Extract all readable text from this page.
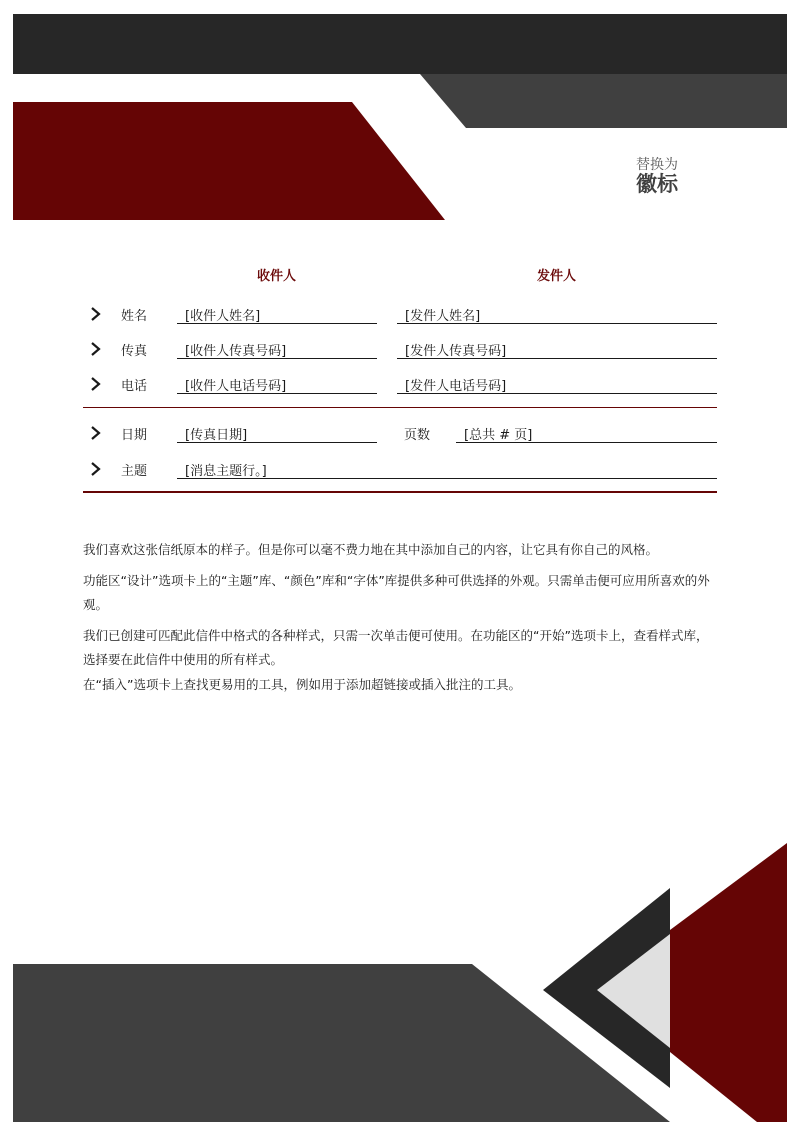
替换为
徽标
收件人	发件人
姓名	[收件人姓名]	[发件人姓名]
传真	[收件人传真号码]	[发件人传真号码]
电话	[收件人电话号码]	[发件人电话号码]
日期	[传真日期]	页数	[总共 # 页]
主题	[消息主题行。]

我们喜欢这张信纸原本的样子。但是你可以毫不费力地在其中添加自己的内容，让它具有你自己的风格。

功能区“设计”选项卡上的“主题”库、“颜色”库和“字体”库提供多种可供选择的外观。只需单击便可应用所喜欢的外观。

我们已创建可匹配此信件中格式的各种样式，只需一次单击便可使用。在功能区的“开始”选项卡上，查看样式库，选择要在此信件中使用的所有样式。

在“插入”选项卡上查找更易用的工具，例如用于添加超链接或插入批注的工具。
